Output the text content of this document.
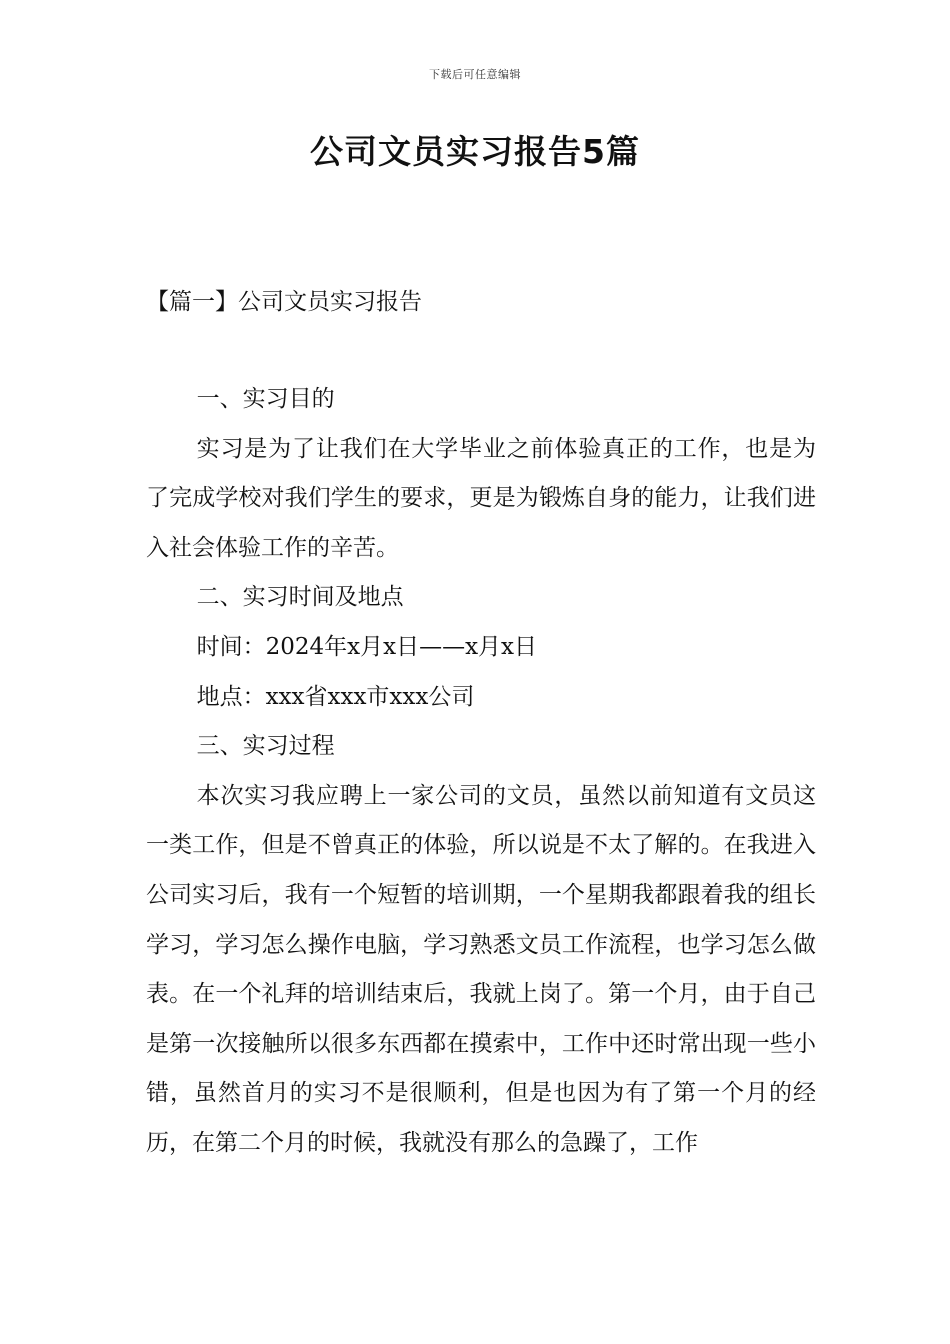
下载后可任意编辑
公司文员实习报告5篇
【篇一】公司文员实习报告

一、实习目的

实习是为了让我们在大学毕业之前体验真正的工作，也是为了完成学校对我们学生的要求，更是为锻炼自身的能力，让我们进入社会体验工作的辛苦。

二、实习时间及地点

时间：2024年x月x日——x月x日

地点：xxx省xxx市xxx公司

三、实习过程

本次实习我应聘上一家公司的文员，虽然以前知道有文员这一类工作，但是不曾真正的体验，所以说是不太了解的。在我进入公司实习后，我有一个短暂的培训期，一个星期我都跟着我的组长学习，学习怎么操作电脑，学习熟悉文员工作流程，也学习怎么做表。在一个礼拜的培训结束后，我就上岗了。第一个月，由于自己是第一次接触所以很多东西都在摸索中，工作中还时常出现一些小错，虽然首月的实习不是很顺利，但是也因为有了第一个月的经历，在第二个月的时候，我就没有那么的急躁了，工作
